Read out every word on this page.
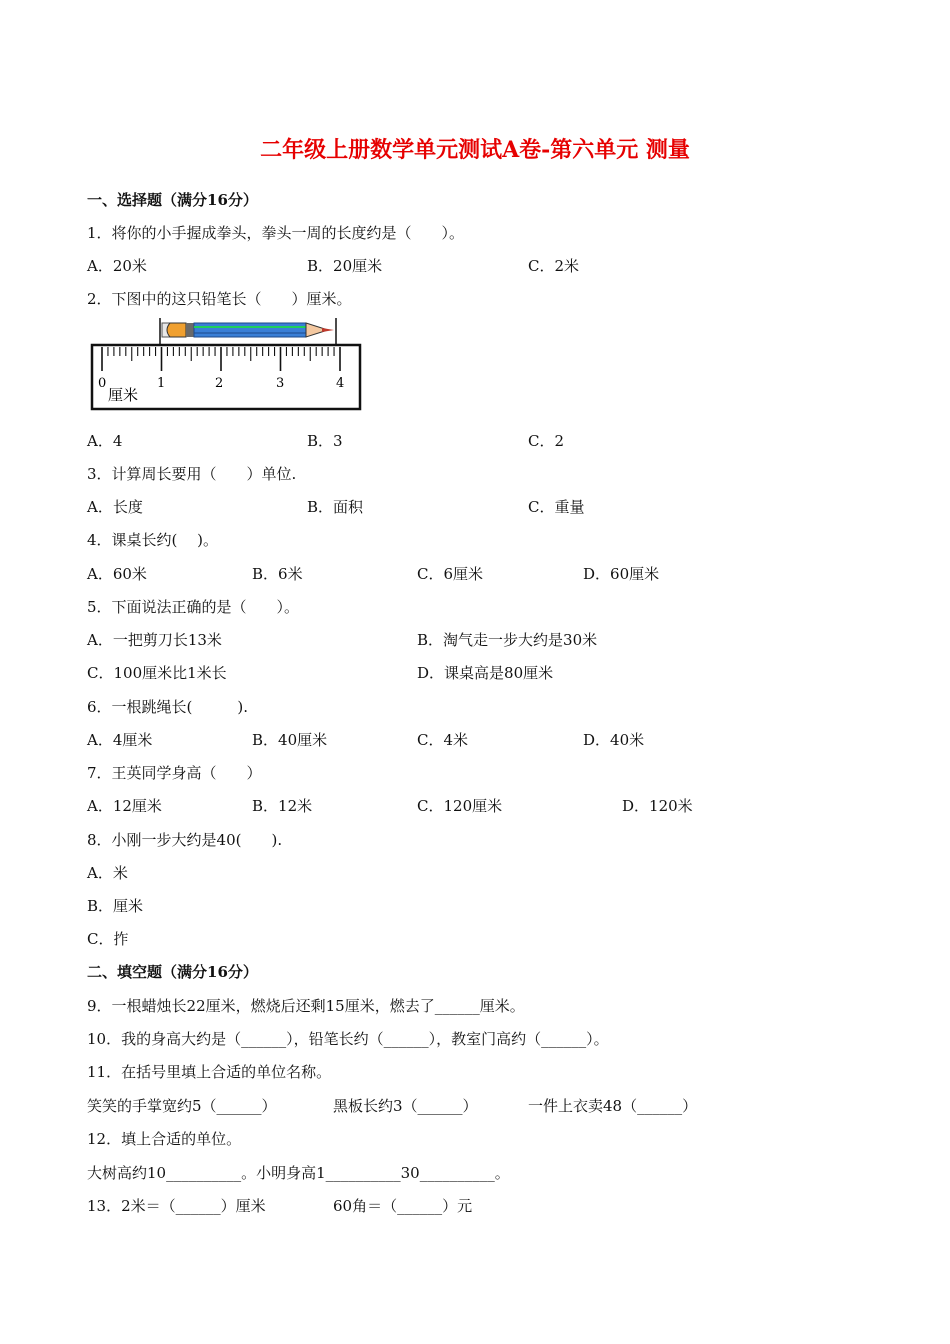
二年级上册数学单元测试A卷-第六单元 测量
一、选择题（满分16分）
1．将你的小手握成拳头，拳头一周的长度约是（　　）。
A．20米	B．20厘米	C．2米
2．下图中的这只铅笔长（　　）厘米。
0	1	2	3	4
厘米
A．4	B．3	C．2
3．计算周长要用（　　）单位.
A．长度	B．面积	C．重量
4．课桌长约(　 )。
A．60米	B．6米	C．6厘米	D．60厘米
5．下面说法正确的是（　　）。
A．一把剪刀长13米	B．淘气走一步大约是30米
C．100厘米比1米长	D．课桌高是80厘米
6．一根跳绳长(　　　).
A．4厘米	B．40厘米	C．4米	D．40米
7．王英同学身高（　　）
A．12厘米	B．12米	C．120厘米	D．120米
8．小刚一步大约是40(　　).
A．米
B．厘米
C．拃
二、填空题（满分16分）
9．一根蜡烛长22厘米，燃烧后还剩15厘米，燃去了______厘米。
10．我的身高大约是（______），铅笔长约（______），教室门高约（______）。
11．在括号里填上合适的单位名称。
笑笑的手掌宽约5（______）	黑板长约3（______）	一件上衣卖48（______）
12．填上合适的单位。
大树高约10__________。小明身高1__________30__________。
13．2米＝（______）厘米	60角＝（______）元
